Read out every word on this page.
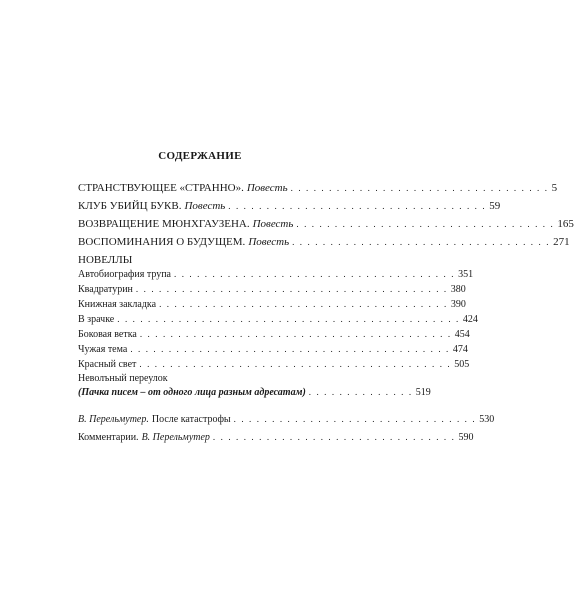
СОДЕРЖАНИЕ
СТРАНСТВУЮЩЕЕ «СТРАННО». Повесть . . . . . . . . . . . . . . . . . . . . . . . . . . . . . . . . . . 5
КЛУБ УБИЙЦ БУКВ. Повесть . . . . . . . . . . . . . . . . . . . . . . . . . . . . . . . . . . 59
ВОЗВРАЩЕНИЕ МЮНХГАУЗЕНА. Повесть . . . . . . . . . . . . . . . . . . . . . . . . . . . . . . . . . . 165
ВОСПОМИНАНИЯ О БУДУЩЕМ. Повесть . . . . . . . . . . . . . . . . . . . . . . . . . . . . . . . . . . 271
НОВЕЛЛЫ
Автобиография трупа . . . . . . . . . . . . . . . . . . . . . . . . . . . . . . . . . . . . . 351
Квадратурин . . . . . . . . . . . . . . . . . . . . . . . . . . . . . . . . . . . . . . . . . 380
Книжная закладка . . . . . . . . . . . . . . . . . . . . . . . . . . . . . . . . . . . . . . 390
В зрачке . . . . . . . . . . . . . . . . . . . . . . . . . . . . . . . . . . . . . . . . . . . . . 424
Боковая ветка . . . . . . . . . . . . . . . . . . . . . . . . . . . . . . . . . . . . . . . . . 454
Чужая тема . . . . . . . . . . . . . . . . . . . . . . . . . . . . . . . . . . . . . . . . . . 474
Красный свет . . . . . . . . . . . . . . . . . . . . . . . . . . . . . . . . . . . . . . . . . 505
Неволъный переулок
(Пачка писем – от одного лица разным адресатам) . . . . . . . . . . . . . . 519
В. Перельмутер. После катастрофы . . . . . . . . . . . . . . . . . . . . . . . . . . . . . . . . 530
Комментарии. В. Перельмутер . . . . . . . . . . . . . . . . . . . . . . . . . . . . . . . . 590
